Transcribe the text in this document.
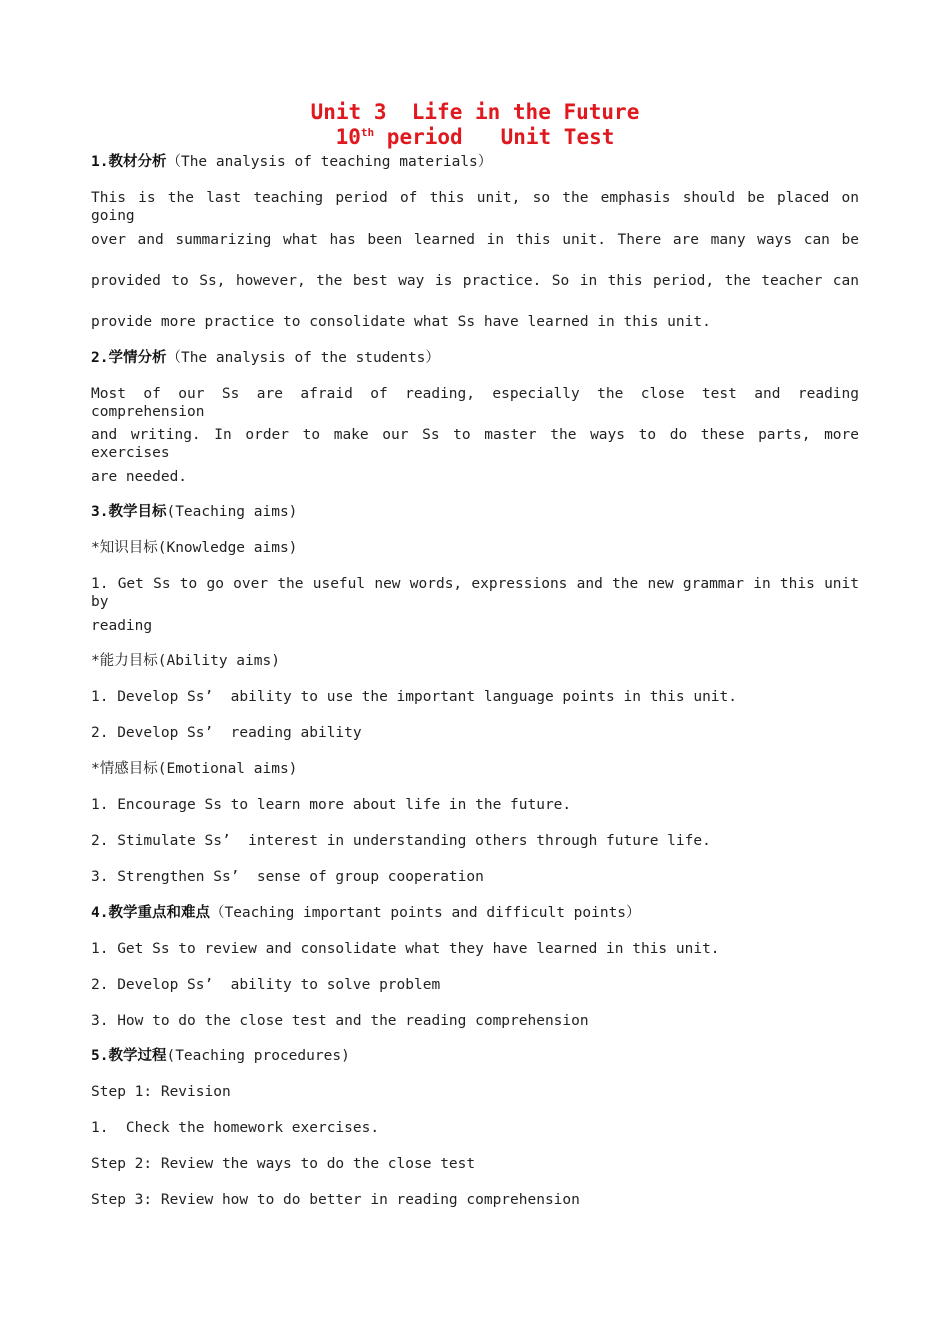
Unit 3  Life in the Future
10th period   Unit Test
1.教材分析（The analysis of teaching materials）
This is the last teaching period of this unit, so the emphasis should be placed on going
over and summarizing what has been learned in this unit. There are many ways can be
provided to Ss, however, the best way is practice. So in this period, the teacher can
provide more practice to consolidate what Ss have learned in this unit.
2.学情分析（The analysis of the students）
Most of our Ss are afraid of reading, especially the close test and reading comprehension
and writing. In order to make our Ss to master the ways to do these parts, more exercises
are needed.
3.教学目标(Teaching aims)
*知识目标(Knowledge aims)
1. Get Ss to go over the useful new words, expressions and the new grammar in this unit by
reading
*能力目标(Ability aims)
1. Develop Ss’  ability to use the important language points in this unit.
2. Develop Ss’  reading ability
*情感目标(Emotional aims)
1. Encourage Ss to learn more about life in the future.
2. Stimulate Ss’  interest in understanding others through future life.
3. Strengthen Ss’  sense of group cooperation
4.教学重点和难点（Teaching important points and difficult points）
1. Get Ss to review and consolidate what they have learned in this unit.
2. Develop Ss’  ability to solve problem
3. How to do the close test and the reading comprehension
5.教学过程(Teaching procedures)
Step 1: Revision
1.  Check the homework exercises.
Step 2: Review the ways to do the close test
Step 3: Review how to do better in reading comprehension
